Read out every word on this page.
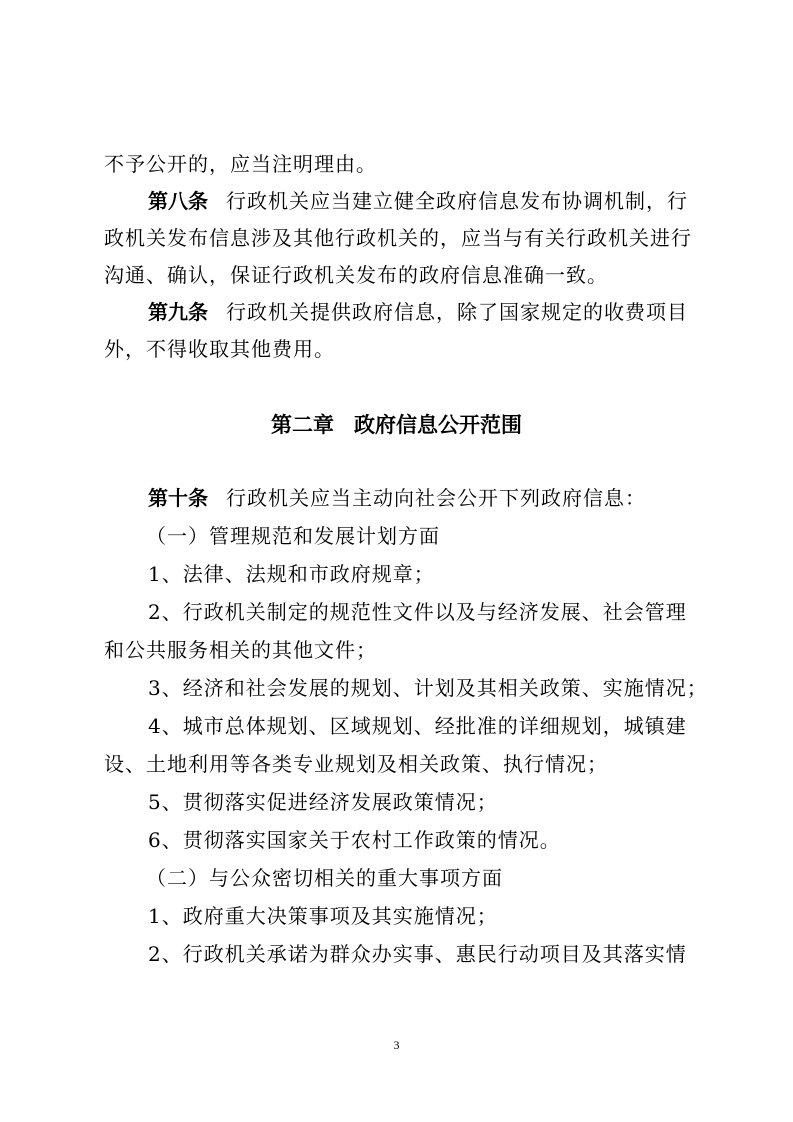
不予公开的，应当注明理由。
第八条 行政机关应当建立健全政府信息发布协调机制，行
政机关发布信息涉及其他行政机关的，应当与有关行政机关进行
沟通、确认，保证行政机关发布的政府信息准确一致。
第九条 行政机关提供政府信息，除了国家规定的收费项目
外，不得收取其他费用。
第二章 政府信息公开范围
第十条 行政机关应当主动向社会公开下列政府信息：
（一）管理规范和发展计划方面
1、法律、法规和市政府规章；
2、行政机关制定的规范性文件以及与经济发展、社会管理
和公共服务相关的其他文件；
3、经济和社会发展的规划、计划及其相关政策、实施情况；
4、城市总体规划、区域规划、经批准的详细规划，城镇建
设、土地利用等各类专业规划及相关政策、执行情况；
5、贯彻落实促进经济发展政策情况；
6、贯彻落实国家关于农村工作政策的情况。
（二）与公众密切相关的重大事项方面
1、政府重大决策事项及其实施情况；
2、行政机关承诺为群众办实事、惠民行动项目及其落实情
3
